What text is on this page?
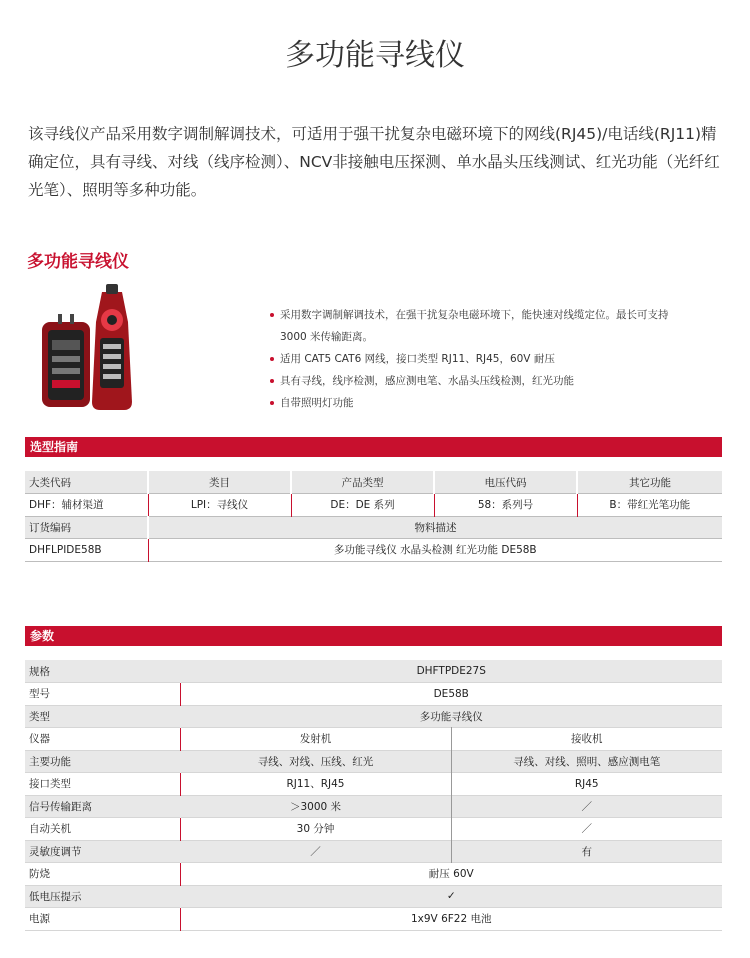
多功能寻线仪

该寻线仪产品采用数字调制解调技术，可适用于强干扰复杂电磁环境下的网线(RJ45)/电话线(RJ11)精确定位，具有寻线、对线（线序检测）、NCV非接触电压探测、单水晶头压线测试、红光功能（光纤红光笔）、照明等多种功能。

多功能寻线仪
采用数字调制解调技术，在强干扰复杂电磁环境下，能快速对线缆定位。最长可支持
3000 米传输距离。
适用 CAT5 CAT6 网线，接口类型 RJ11、RJ45，60V 耐压
具有寻线，线序检测，感应测电笔、水晶头压线检测，红光功能
自带照明灯功能
选型指南
大类代码	类目	产品类型	电压代码	其它功能
DHF：辅材渠道	LPI：寻线仪	DE：DE 系列	58：系列号	B：带红光笔功能
订货编码	物料描述			
DHFLPIDE58B	多功能寻线仪 水晶头检测 红光功能 DE58B			
参数
规格	DHFTPDE27S	
型号	DE58B	
类型	多功能寻线仪	
仪器	发射机	接收机
主要功能	寻线、对线、压线、红光	寻线、对线、照明、感应测电笔
接口类型	RJ11、RJ45	RJ45
信号传输距离	＞3000 米	／
自动关机	30 分钟	／
灵敏度调节	／	有
防烧	耐压 60V	
低电压提示	✓	
电源	1x9V 6F22 电池	
